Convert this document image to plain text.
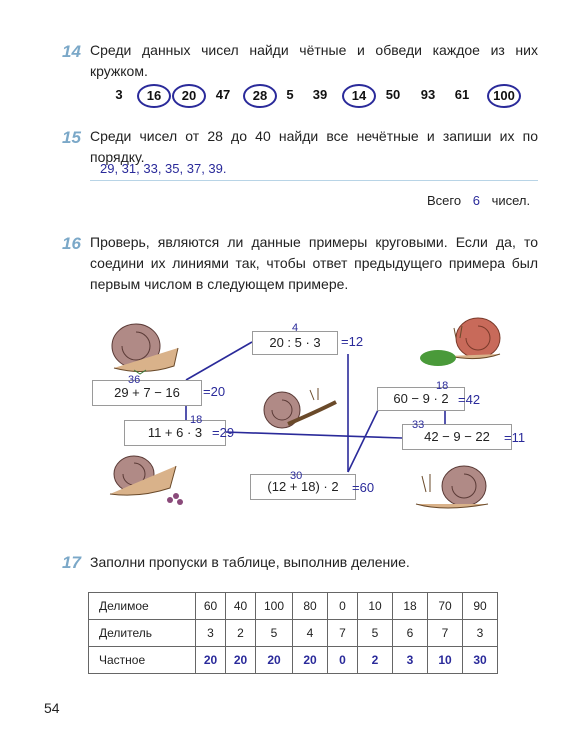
14 Среди данных чисел найди чётные и обведи каждое из них кружком.
3	16	20	47	28	5	39	14	50	93	61	100
15 Среди чисел от 28 до 40 найди все нечётные и запиши их по порядку.
29, 31, 33, 35, 37, 39.
Всего 6 чисел.
16 Проверь, являются ли данные примеры круговыми. Если да, то соедини их линиями так, чтобы ответ предыдущего примера был первым числом в следующем примере.
20 : 5 · 3
4
=12
29 + 7 − 16
36
=20
11 + 6 · 3
18
=29
60 − 9 · 2
18
=42
42 − 9 − 22
33
=11
(12 + 18) · 2
30
=60
17 Заполни пропуски в таблице, выполнив деление.
Делимое	60	40	100	80	0	10	18	70	90
Делитель	3	2	5	4	7	5	6	7	3
Частное	20	20	20	20	0	2	3	10	30
54
